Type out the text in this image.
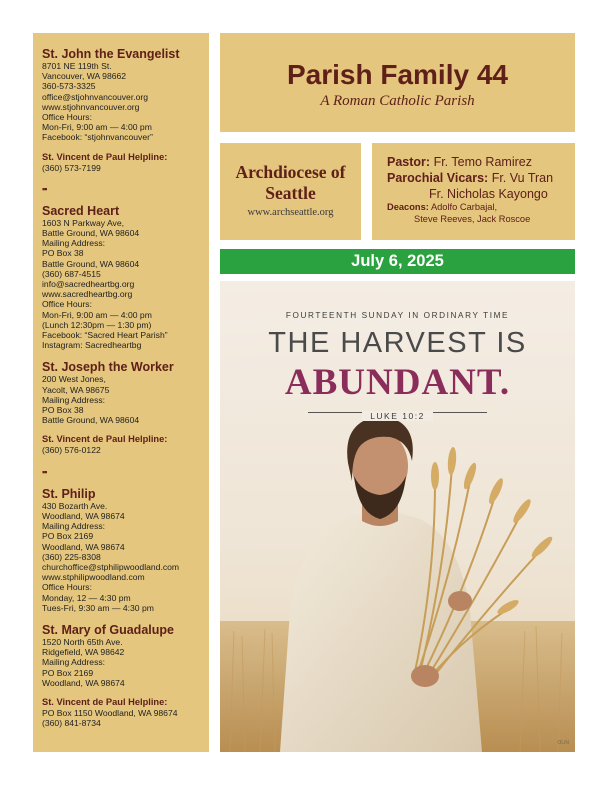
St. John the Evangelist
8701 NE 119th St.
Vancouver, WA 98662
360-573-3325
office@stjohnvancouver.org
www.stjohnvancouver.org
Office Hours:
Mon-Fri, 9:00 am — 4:00 pm
Facebook: “stjohnvancouver”
St. Vincent de Paul Helpline:
(360) 573-7199
▪▪
Sacred Heart
1603 N Parkway Ave,
Battle Ground, WA 98604
Mailing Address:
PO Box 38
Battle Ground, WA 98604
(360) 687-4515
info@sacredheartbg.org
www.sacredheartbg.org
Office Hours:
Mon-Fri, 9:00 am — 4:00 pm
(Lunch 12:30pm — 1:30 pm)
Facebook: “Sacred Heart Parish”
Instagram: Sacredheartbg
St. Joseph the Worker
200 West Jones,
Yacolt, WA 98675
Mailing Address:
PO Box 38
Battle Ground, WA 98604
St. Vincent de Paul Helpline:
(360) 576-0122
▪▪
St. Philip
430 Bozarth Ave.
Woodland, WA 98674
Mailing Address:
PO Box 2169
Woodland, WA 98674
(360) 225-8308
churchoffice@stphilipwoodland.com
www.stphilipwoodland.com
Office Hours:
Monday, 12 — 4:30 pm
Tues-Fri, 9:30 am — 4:30 pm
St. Mary of Guadalupe
1520 North 65th Ave.
Ridgefield, WA 98642
Mailing Address:
PO Box 2169
Woodland, WA 98674
St. Vincent de Paul Helpline:
PO Box 1150 Woodland, WA 98674
(360) 841-8734
Parish Family 44
A Roman Catholic Parish
Archdiocese of
Seattle
www.archseattle.org
Pastor: Fr. Temo Ramirez
Parochial Vicars: Fr. Vu Tran
Fr. Nicholas Kayongo
Deacons: Adolfo Carbajal,
Steve Reeves, Jack Roscoe
July 6, 2025
FOURTEENTH SUNDAY IN ORDINARY TIME
THE HARVEST IS
ABUNDANT.
LUKE 10:2
OLIN
